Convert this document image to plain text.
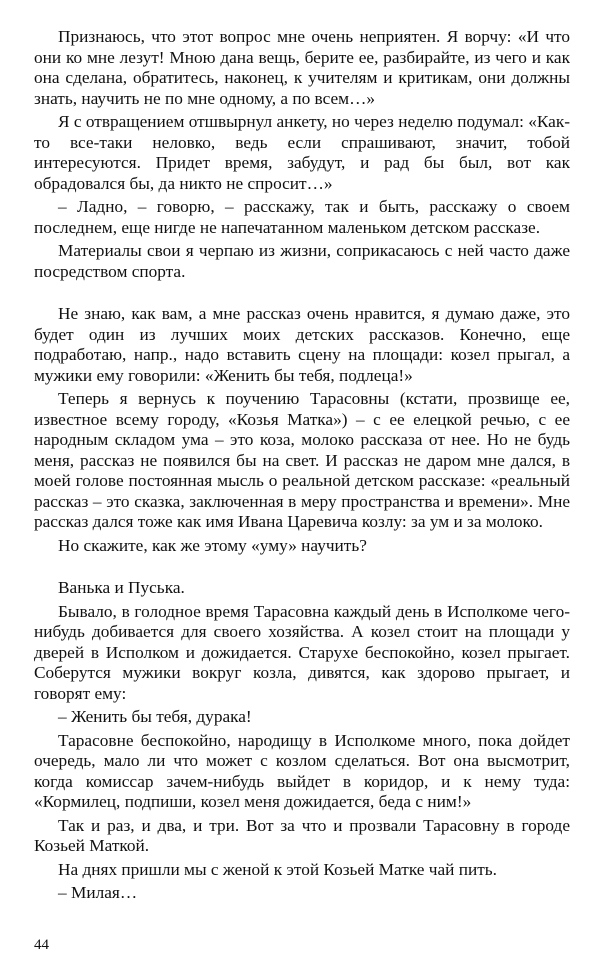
Признаюсь, что этот вопрос мне очень неприятен. Я ворчу: «И что они ко мне лезут! Мною дана вещь, берите ее, разбирайте, из чего и как она сделана, обратитесь, наконец, к учителям и критикам, они должны знать, научить не по мне одному, а по всем…»

Я с отвращением отшвырнул анкету, но через неделю подумал: «Как-то все-таки неловко, ведь если спрашивают, значит, тобой интересуются. Придет время, забудут, и рад бы был, вот как обрадовался бы, да никто не спросит…»

– Ладно, – говорю, – расскажу, так и быть, расскажу о своем последнем, еще нигде не напечатанном маленьком детском рассказе.

Материалы свои я черпаю из жизни, соприкасаюсь с ней часто даже посредством спорта.

Не знаю, как вам, а мне рассказ очень нравится, я думаю даже, это будет один из лучших моих детских рассказов. Конечно, еще подработаю, напр., надо вставить сцену на площади: козел прыгал, а мужики ему говорили: «Женить бы тебя, подлеца!»

Теперь я вернусь к поучению Тарасовны (кстати, прозвище ее, известное всему городу, «Козья Матка») – с ее елецкой речью, с ее народным складом ума – это коза, молоко рассказа от нее. Но не будь меня, рассказ не появился бы на свет. И рассказ не даром мне дался, в моей голове постоянная мысль о реальной детском рассказе: «реальный рассказ – это сказка, заключенная в меру пространства и времени». Мне рассказ дался тоже как имя Ивана Царевича козлу: за ум и за молоко.

Но скажите, как же этому «уму» научить?

Ванька и Пуська.

Бывало, в голодное время Тарасовна каждый день в Исполкоме чего-нибудь добивается для своего хозяйства. А козел стоит на площади у дверей в Исполком и дожидается. Старухе беспокойно, козел прыгает. Соберутся мужики вокруг козла, дивятся, как здорово прыгает, и говорят ему:

– Женить бы тебя, дурака!

Тарасовне беспокойно, народищу в Исполкоме много, пока дойдет очередь, мало ли что может с козлом сделаться. Вот она высмотрит, когда комиссар зачем-нибудь выйдет в коридор, и к нему туда: «Кормилец, подпиши, козел меня дожидается, беда с ним!»

Так и раз, и два, и три. Вот за что и прозвали Тарасовну в городе Козьей Маткой.

На днях пришли мы с женой к этой Козьей Матке чай пить.

– Милая…

44
